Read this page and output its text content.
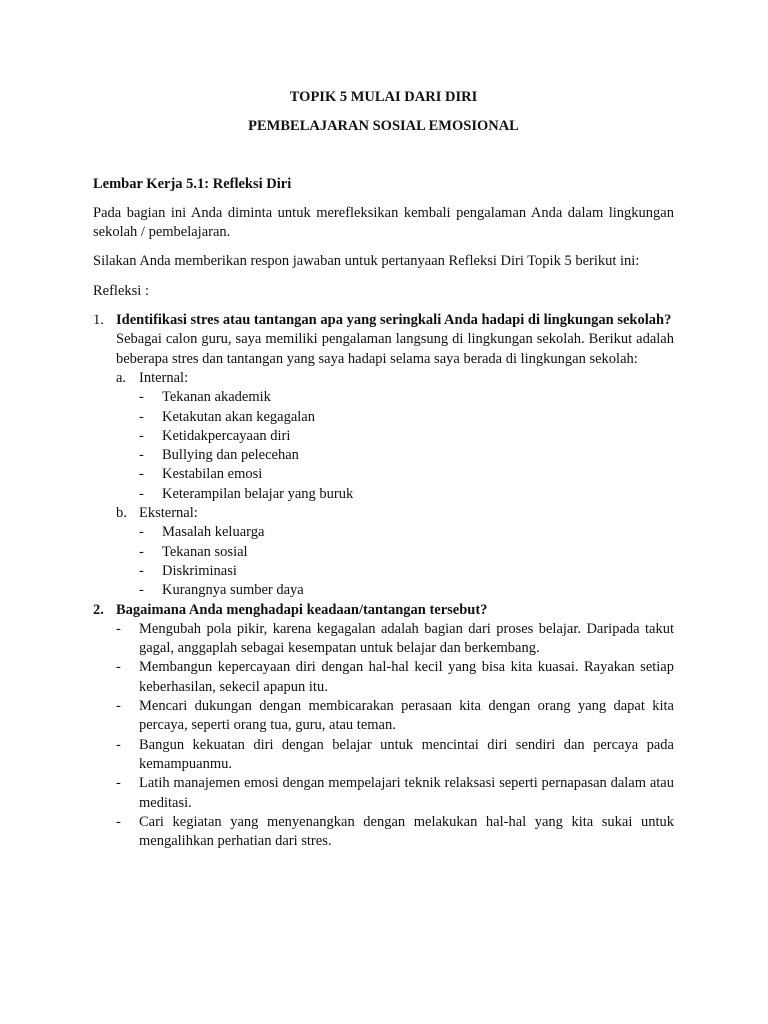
TOPIK 5 MULAI DARI DIRI
PEMBELAJARAN SOSIAL EMOSIONAL
Lembar Kerja 5.1: Refleksi Diri

Pada bagian ini Anda diminta untuk merefleksikan kembali pengalaman Anda dalam lingkungan sekolah / pembelajaran.

Silakan Anda memberikan respon jawaban untuk pertanyaan Refleksi Diri Topik 5 berikut ini:

Refleksi :

1. Identifikasi stres atau tantangan apa yang seringkali Anda hadapi di lingkungan sekolah?
Sebagai calon guru, saya memiliki pengalaman langsung di lingkungan sekolah. Berikut adalah beberapa stres dan tantangan yang saya hadapi selama saya berada di lingkungan sekolah:
a. Internal:
-	Tekanan akademik
-	Ketakutan akan kegagalan
-	Ketidakpercayaan diri
-	Bullying dan pelecehan
-	Kestabilan emosi
-	Keterampilan belajar yang buruk
b. Eksternal:
-	Masalah keluarga
-	Tekanan sosial
-	Diskriminasi
-	Kurangnya sumber daya
2. Bagaimana Anda menghadapi keadaan/tantangan tersebut?
-	Mengubah pola pikir, karena kegagalan adalah bagian dari proses belajar. Daripada takut gagal, anggaplah sebagai kesempatan untuk belajar dan berkembang.
-	Membangun kepercayaan diri dengan hal-hal kecil yang bisa kita kuasai. Rayakan setiap keberhasilan, sekecil apapun itu.
-	Mencari dukungan dengan membicarakan perasaan kita dengan orang yang dapat kita percaya, seperti orang tua, guru, atau teman.
-	Bangun kekuatan diri dengan belajar untuk mencintai diri sendiri dan percaya pada kemampuanmu.
-	Latih manajemen emosi dengan mempelajari teknik relaksasi seperti pernapasan dalam atau meditasi.
-	Cari kegiatan yang menyenangkan dengan melakukan hal-hal yang kita sukai untuk mengalihkan perhatian dari stres.
